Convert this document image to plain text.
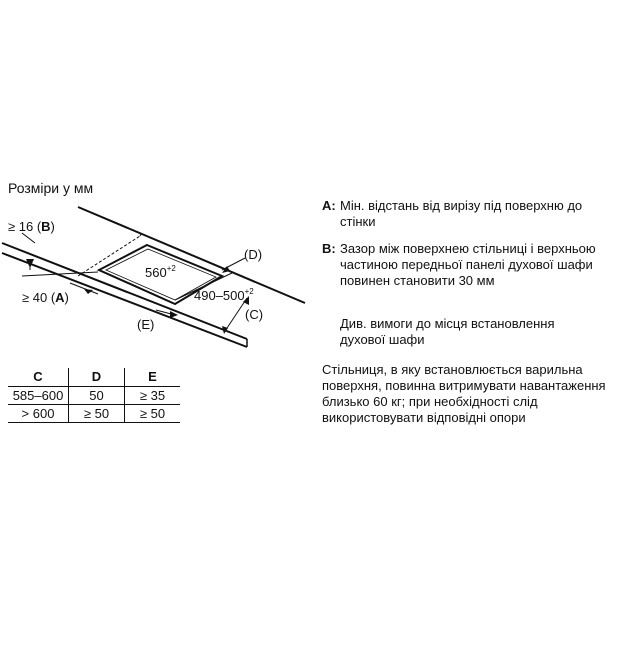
Розміри у мм
≥ 16 (B)
≥ 40 (A)
(D)
(C)
(E)
$560^{+2}$
$490-500^{+2}$
C	D	E
585–600	50	≥ 35
> 600	≥ 50	≥ 50
A: Мін. відстань від вирізу під поверхню до стінки
B: Зазор між поверхнею стільниці і верхньою частиною передньої панелі духової шафи повинен становити 30 мм
Див. вимоги до місця встановлення духової шафи
Стільниця, в яку встановлюється варильна поверхня, повинна витримувати навантаження близько 60 кг; при необхідності слід використовувати відповідні опори
